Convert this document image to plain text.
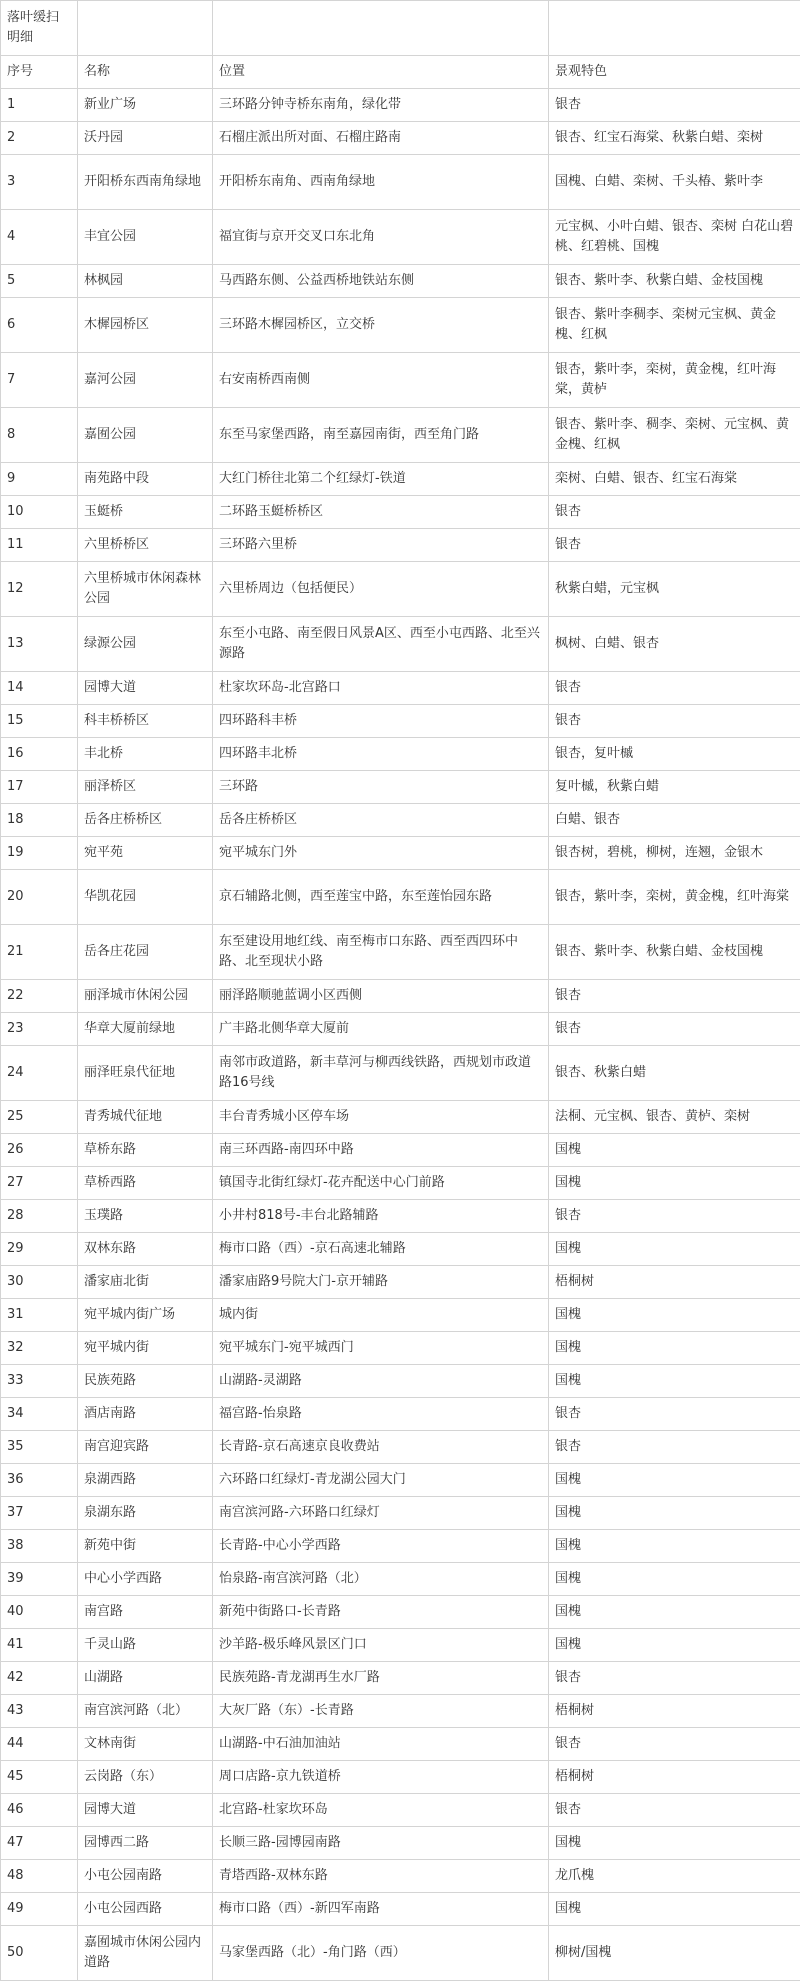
落叶缓扫明细			
序号	名称	位置	景观特色
1	新业广场	三环路分钟寺桥东南角，绿化带	银杏
2	沃丹园	石榴庄派出所对面、石榴庄路南	银杏、红宝石海棠、秋紫白蜡、栾树
3	开阳桥东西南角绿地	开阳桥东南角、西南角绿地	国槐、白蜡、栾树、千头椿、紫叶李
4	丰宜公园	福宜街与京开交叉口东北角	元宝枫、小叶白蜡、银杏、栾树 白花山碧桃、红碧桃、国槐
5	林枫园	马西路东侧、公益西桥地铁站东侧	银杏、紫叶李、秋紫白蜡、金枝国槐
6	木樨园桥区	三环路木樨园桥区，立交桥	银杏、紫叶李稠李、栾树元宝枫、黄金槐、红枫
7	嘉河公园	右安南桥西南侧	银杏，紫叶李，栾树，黄金槐，红叶海棠，黄栌
8	嘉囿公园	东至马家堡西路，南至嘉园南街，西至角门路	银杏、紫叶李、稠李、栾树、元宝枫、黄金槐、红枫
9	南苑路中段	大红门桥往北第二个红绿灯-铁道	栾树、白蜡、银杏、红宝石海棠
10	玉蜓桥	二环路玉蜓桥桥区	银杏
11	六里桥桥区	三环路六里桥	银杏
12	六里桥城市休闲森林公园	六里桥周边（包括便民）	秋紫白蜡，元宝枫
13	绿源公园	东至小屯路、南至假日风景A区、西至小屯西路、北至兴源路	枫树、白蜡、银杏
14	园博大道	杜家坎环岛-北宫路口	银杏
15	科丰桥桥区	四环路科丰桥	银杏
16	丰北桥	四环路丰北桥	银杏，复叶槭
17	丽泽桥区	三环路	复叶槭，秋紫白蜡
18	岳各庄桥桥区	岳各庄桥桥区	白蜡、银杏
19	宛平苑	宛平城东门外	银杏树，碧桃，柳树，连翘，金银木
20	华凯花园	京石辅路北侧，西至莲宝中路，东至莲怡园东路	银杏，紫叶李，栾树，黄金槐，红叶海棠
21	岳各庄花园	东至建设用地红线、南至梅市口东路、西至西四环中路、北至现状小路	银杏、紫叶李、秋紫白蜡、金枝国槐
22	丽泽城市休闲公园	丽泽路顺驰蓝调小区西侧	银杏
23	华章大厦前绿地	广丰路北侧华章大厦前	银杏
24	丽泽旺泉代征地	南邻市政道路，新丰草河与柳西线铁路，西规划市政道路16号线	银杏、秋紫白蜡
25	青秀城代征地	丰台青秀城小区停车场	法桐、元宝枫、银杏、黄栌、栾树
26	草桥东路	南三环西路-南四环中路	国槐
27	草桥西路	镇国寺北街红绿灯-花卉配送中心门前路	国槐
28	玉璞路	小井村818号-丰台北路辅路	银杏
29	双林东路	梅市口路（西）-京石高速北辅路	国槐
30	潘家庙北街	潘家庙路9号院大门-京开辅路	梧桐树
31	宛平城内街广场	城内街	国槐
32	宛平城内街	宛平城东门-宛平城西门	国槐
33	民族苑路	山湖路-灵湖路	国槐
34	酒店南路	福宫路-怡泉路	银杏
35	南宫迎宾路	长青路-京石高速京良收费站	银杏
36	泉湖西路	六环路口红绿灯-青龙湖公园大门	国槐
37	泉湖东路	南宫滨河路-六环路口红绿灯	国槐
38	新苑中街	长青路-中心小学西路	国槐
39	中心小学西路	怡泉路-南宫滨河路（北）	国槐
40	南宫路	新苑中街路口-长青路	国槐
41	千灵山路	沙羊路-极乐峰风景区门口	国槐
42	山湖路	民族苑路-青龙湖再生水厂路	银杏
43	南宫滨河路（北）	大灰厂路（东）-长青路	梧桐树
44	文林南街	山湖路-中石油加油站	银杏
45	云岗路（东）	周口店路-京九铁道桥	梧桐树
46	园博大道	北宫路-杜家坎环岛	银杏
47	园博西二路	长顺三路-园博园南路	国槐
48	小屯公园南路	青塔西路-双林东路	龙爪槐
49	小屯公园西路	梅市口路（西）-新四军南路	国槐
50	嘉囿城市休闲公园内道路	马家堡西路（北）-角门路（西）	柳树/国槐
